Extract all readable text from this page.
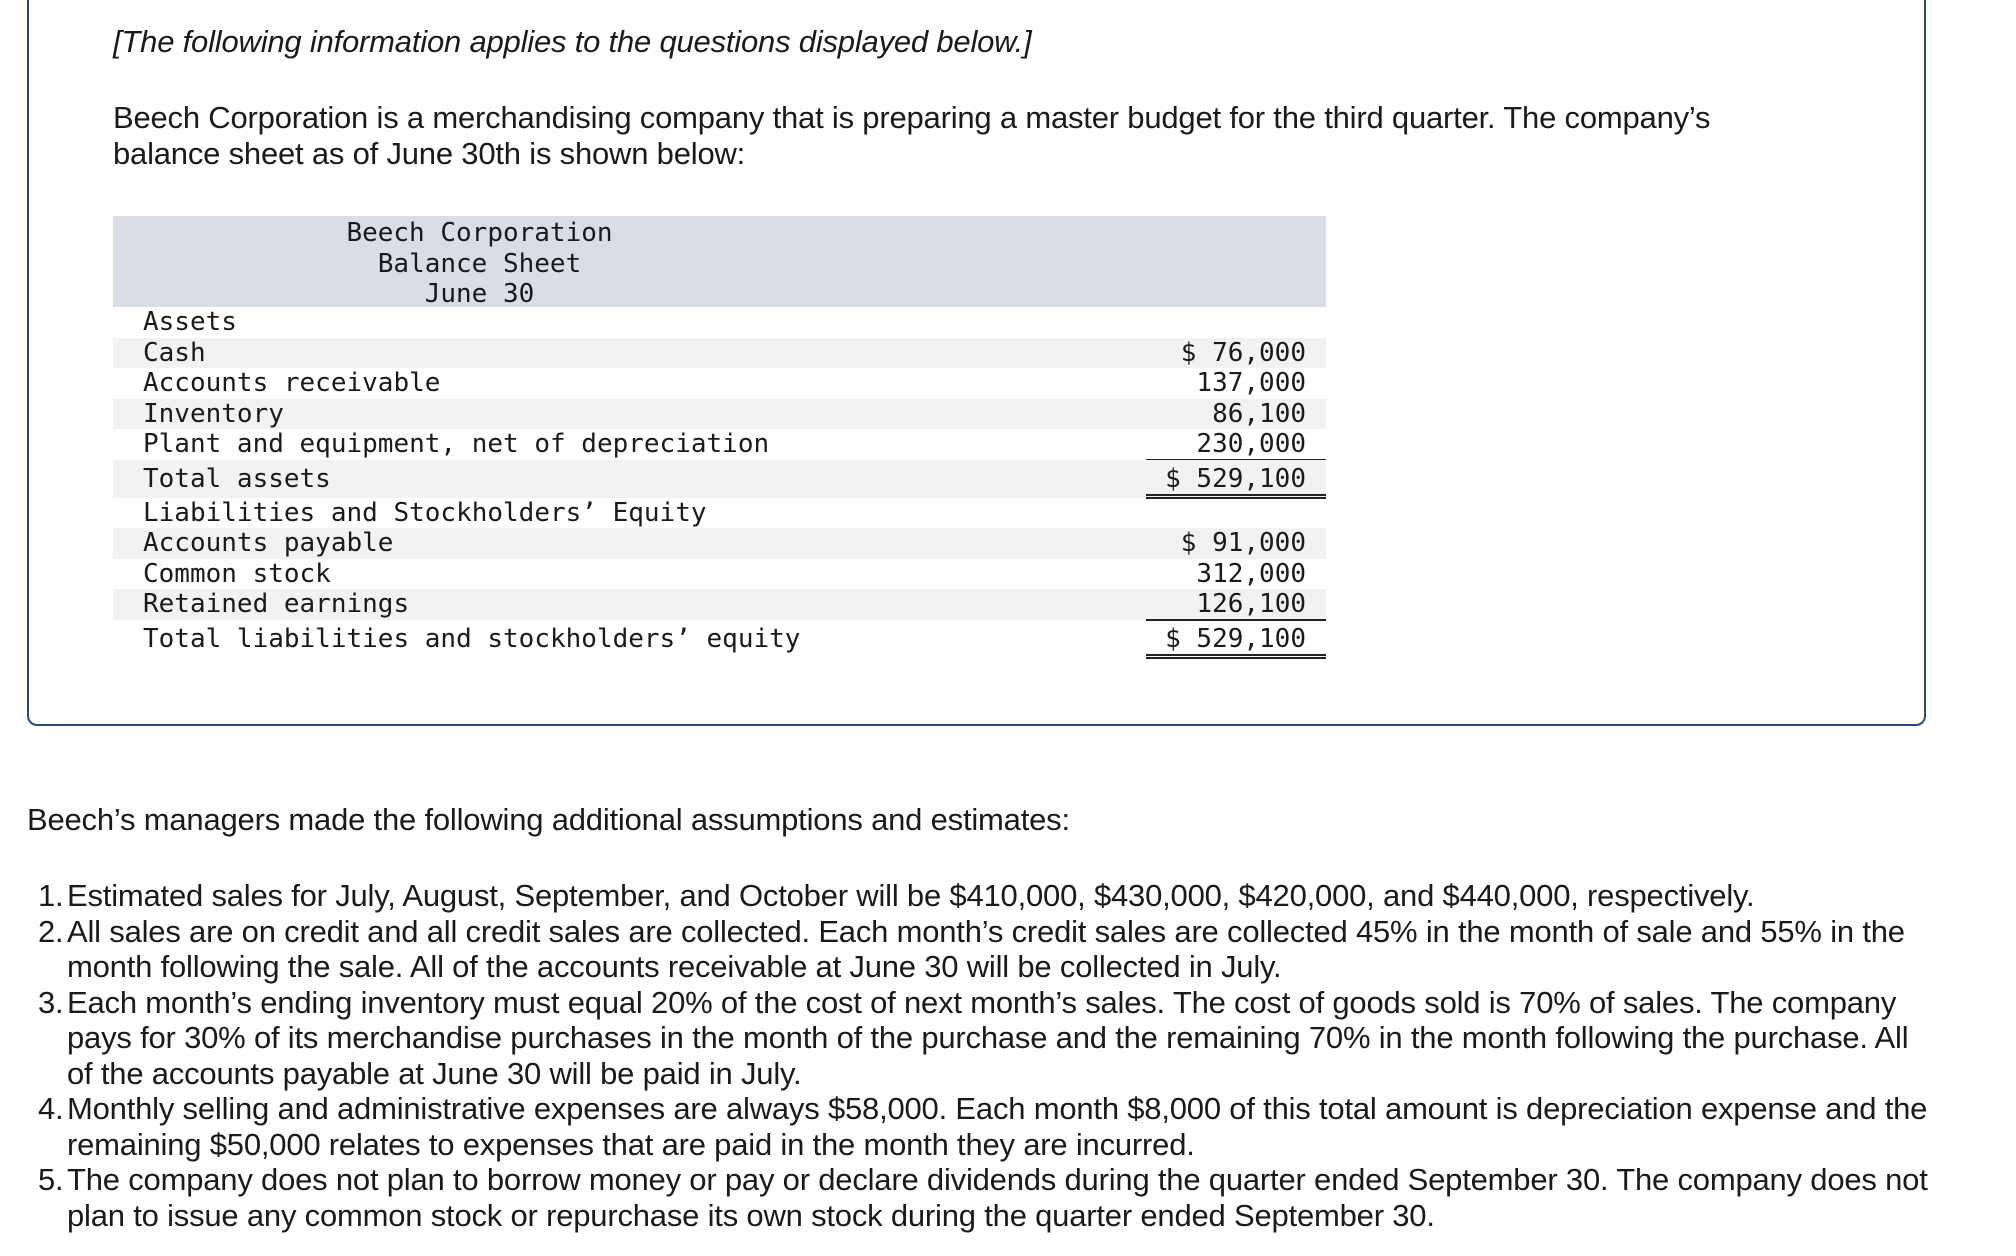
[The following information applies to the questions displayed below.]
Beech Corporation is a merchandising company that is preparing a master budget for the third quarter. The company’s balance sheet as of June 30th is shown below:
Beech Corporation
Balance Sheet
June 30
Assets
Cash	$ 76,000
Accounts receivable	137,000
Inventory	86,100
Plant and equipment, net of depreciation	230,000
Total assets	$ 529,100
Liabilities and Stockholders’ Equity
Accounts payable	$ 91,000
Common stock	312,000
Retained earnings	126,100
Total liabilities and stockholders’ equity	$ 529,100
Beech’s managers made the following additional assumptions and estimates:
1. Estimated sales for July, August, September, and October will be $410,000, $430,000, $420,000, and $440,000, respectively.
2. All sales are on credit and all credit sales are collected. Each month’s credit sales are collected 45% in the month of sale and 55% in the month following the sale. All of the accounts receivable at June 30 will be collected in July.
3. Each month’s ending inventory must equal 20% of the cost of next month’s sales. The cost of goods sold is 70% of sales. The company pays for 30% of its merchandise purchases in the month of the purchase and the remaining 70% in the month following the purchase. All of the accounts payable at June 30 will be paid in July.
4. Monthly selling and administrative expenses are always $58,000. Each month $8,000 of this total amount is depreciation expense and the remaining $50,000 relates to expenses that are paid in the month they are incurred.
5. The company does not plan to borrow money or pay or declare dividends during the quarter ended September 30. The company does not plan to issue any common stock or repurchase its own stock during the quarter ended September 30.
